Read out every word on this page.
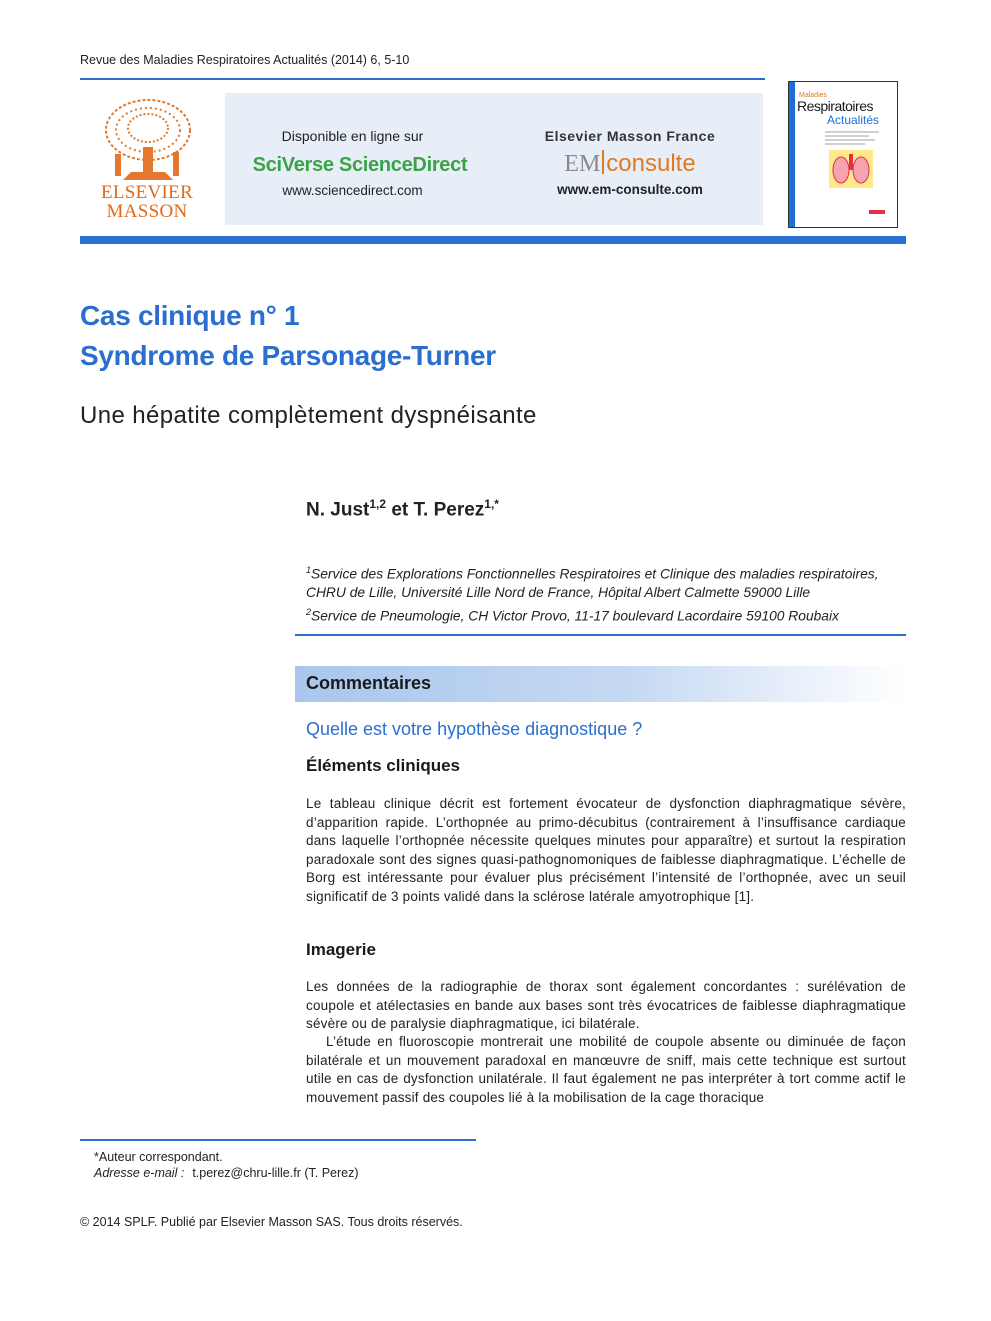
Revue des Maladies Respiratoires Actualités (2014) 6, 5-10
ELSEVIER
MASSON
Disponible en ligne sur
SciVerse ScienceDirect
www.sciencedirect.com
Elsevier Masson France
EM consulte
www.em-consulte.com
Maladies
Respiratoires
Actualités
Cas clinique n° 1
Syndrome de Parsonage-Turner
Une hépatite complètement dyspnéisante
N. Just$^{1,2}$ et T. Perez$^{1,*}$
$^1$Service des Explorations Fonctionnelles Respiratoires et Clinique des maladies respiratoires, CHRU de Lille, Université Lille Nord de France, Hôpital Albert Calmette 59000 Lille
$^2$Service de Pneumologie, CH Victor Provo, 11-17 boulevard Lacordaire 59100 Roubaix
Commentaires
Quelle est votre hypothèse diagnostique ?
Éléments cliniques
Le tableau clinique décrit est fortement évocateur de dysfonction diaphragmatique sévère, d’apparition rapide. L’orthopnée au primo-décubitus (contrairement à l’insuffisance cardiaque dans laquelle l’orthopnée nécessite quelques minutes pour apparaître) et surtout la respiration paradoxale sont des signes quasi-pathognomoniques de faiblesse diaphragmatique. L’échelle de Borg est intéressante pour évaluer plus précisément l’intensité de l’orthopnée, avec un seuil significatif de 3 points validé dans la sclérose latérale amyotrophique [1].
Imagerie
Les données de la radiographie de thorax sont également concordantes : surélévation de coupole et atélectasies en bande aux bases sont très évocatrices de faiblesse diaphragmatique sévère ou de paralysie diaphragmatique, ici bilatérale.
L’étude en fluoroscopie montrerait une mobilité de coupole absente ou diminuée de façon bilatérale et un mouvement paradoxal en manœuvre de sniff, mais cette technique est surtout utile en cas de dysfonction unilatérale. Il faut également ne pas interpréter à tort comme actif le mouvement passif des coupoles lié à la mobilisation de la cage thoracique
*Auteur correspondant.
Adresse e-mail : t.perez@chru-lille.fr (T. Perez)
© 2014 SPLF. Publié par Elsevier Masson SAS. Tous droits réservés.
